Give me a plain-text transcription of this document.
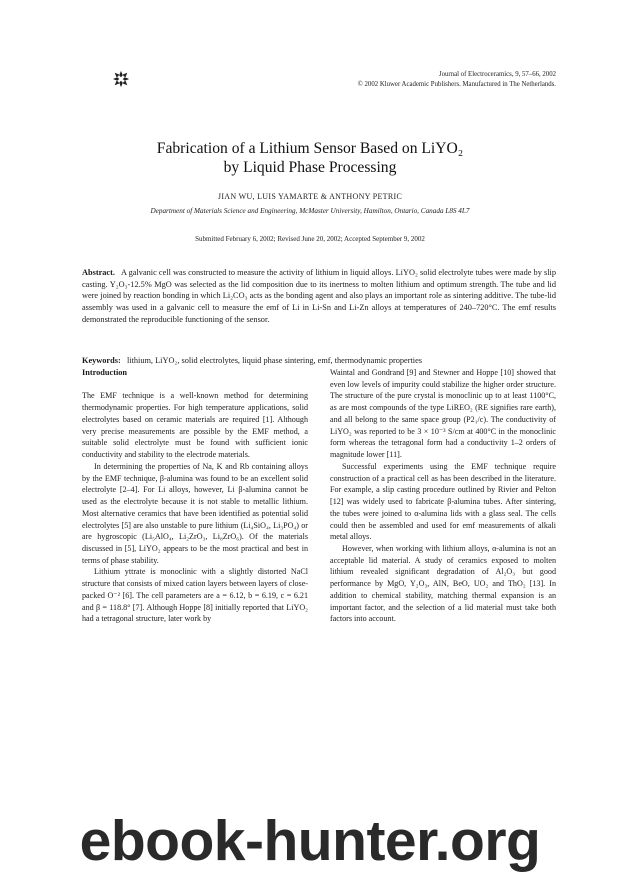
Journal of Electroceramics, 9, 57–66, 2002
© 2002 Kluwer Academic Publishers. Manufactured in The Netherlands.
Fabrication of a Lithium Sensor Based on LiYO₂
by Liquid Phase Processing
JIAN WU, LUIS YAMARTE & ANTHONY PETRIC
Department of Materials Science and Engineering, McMaster University, Hamilton, Ontario, Canada L8S 4L7
Submitted February 6, 2002; Revised June 20, 2002; Accepted September 9, 2002
Abstract. A galvanic cell was constructed to measure the activity of lithium in liquid alloys. LiYO₂ solid electrolyte tubes were made by slip casting. Y₂O₃-12.5% MgO was selected as the lid composition due to its inertness to molten lithium and optimum strength. The tube and lid were joined by reaction bonding in which Li₂CO₃ acts as the bonding agent and also plays an important role as sintering additive. The tube-lid assembly was used in a galvanic cell to measure the emf of Li in Li-Sn and Li-Zn alloys at temperatures of 240–720°C. The emf results demonstrated the reproducible functioning of the sensor.
Keywords: lithium, LiYO₂, solid electrolytes, liquid phase sintering, emf, thermodynamic properties
Introduction

The EMF technique is a well-known method for determining thermodynamic properties. For high temperature applications, solid electrolytes based on ceramic materials are required [1]. Although very precise measurements are possible by the EMF method, a suitable solid electrolyte must be found with sufficient ionic conductivity and stability to the electrode materials.

In determining the properties of Na, K and Rb containing alloys by the EMF technique, β-alumina was found to be an excellent solid electrolyte [2–4]. For Li alloys, however, Li β-alumina cannot be used as the electrolyte because it is not stable to metallic lithium. Most alternative ceramics that have been identified as potential solid electrolytes [5] are also unstable to pure lithium (Li₄SiO₄, Li₃PO₄) or are hygroscopic (Li₅AlO₄, Li₂ZrO₃, Li₈ZrO₆). Of the materials discussed in [5], LiYO₂ appears to be the most practical and best in terms of phase stability.

Lithium yttrate is monoclinic with a slightly distorted NaCl structure that consists of mixed cation layers between layers of close-packed O⁻² [6]. The cell parameters are a = 6.12, b = 6.19, c = 6.21 and β = 118.8° [7]. Although Hoppe [8] initially reported that LiYO₂ had a tetragonal structure, later work by

Waintal and Gondrand [9] and Stewner and Hoppe [10] showed that even low levels of impurity could stabilize the higher order structure. The structure of the pure crystal is monoclinic up to at least 1100°C, as are most compounds of the type LiREO₂ (RE signifies rare earth), and all belong to the same space group (P2₁/c). The conductivity of LiYO₂ was reported to be 3 × 10⁻³ S/cm at 400°C in the monoclinic form whereas the tetragonal form had a conductivity 1–2 orders of magnitude lower [11].

Successful experiments using the EMF technique require construction of a practical cell as has been described in the literature. For example, a slip casting procedure outlined by Rivier and Pelton [12] was widely used to fabricate β-alumina tubes. After sintering, the tubes were joined to α-alumina lids with a glass seal. The cells could then be assembled and used for emf measurements of alkali metal alloys.

However, when working with lithium alloys, α-alumina is not an acceptable lid material. A study of ceramics exposed to molten lithium revealed significant degradation of Al₂O₃ but good performance by MgO, Y₂O₃, AlN, BeO, UO₂ and ThO₂ [13]. In addition to chemical stability, matching thermal expansion is an important factor, and the selection of a lid material must take both factors into account.

ebook-hunter.org
